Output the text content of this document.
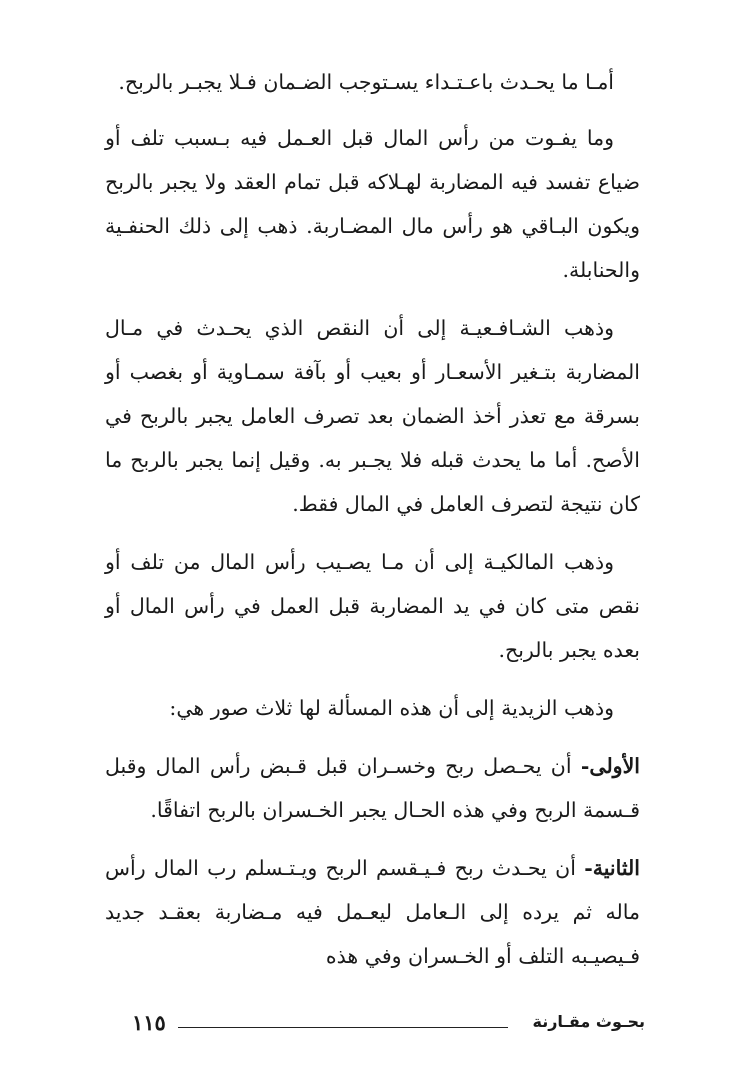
أمـا ما يحـدث باعـتـداء يسـتوجب الضـمان فـلا يجبـر بالربح.

وما يفـوت من رأس المال قبل العـمل فيه بـسبب تلف أو ضياع تفسد فيه المضاربة لهـلاكه قبل تمام العقد ولا يجبر بالربح ويكون البـاقي هو رأس مال المضـاربة. ذهب إلى ذلك الحنفـية والحنابلة.

وذهب الشـافـعيـة إلى أن النقص الذي يحـدث في مـال المضاربة بتـغير الأسعـار أو بعيب أو بآفة سمـاوية أو بغصب أو بسرقة مع تعذر أخذ الضمان بعد تصرف العامل يجبر بالربح في الأصح. أما ما يحدث قبله فلا يجـبر به. وقيل إنما يجبر بالربح ما كان نتيجة لتصرف العامل في المال فقط.

وذهب المالكيـة إلى أن مـا يصـيب رأس المال من تلف أو نقص متى كان في يد المضاربة قبل العمل في رأس المال أو بعده يجبر بالربح.

وذهب الزيدية إلى أن هذه المسألة لها ثلاث صور هي:

الأولى- أن يحـصل ربح وخسـران قبل قـبض رأس المال وقبل قـسمة الربح وفي هذه الحـال يجبر الخـسران بالربح اتفاقًا.

الثانية- أن يحـدث ربح فـيـقسم الربح ويـتـسلم رب المال رأس ماله ثم يرده إلى الـعامل ليعـمل فيه مـضاربة بعقـد جديد فـيصيـبه التلف أو الخـسران وفي هذه

١١٥	بحـوث مقـارنة
